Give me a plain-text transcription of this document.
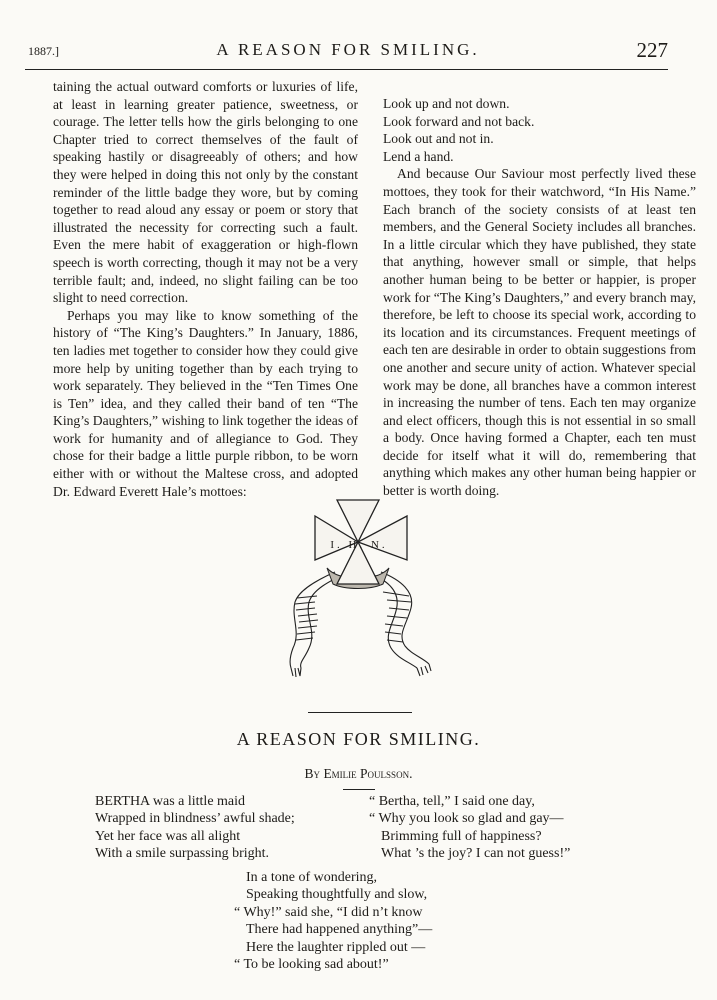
1887.]	A REASON FOR SMILING.	227

taining the actual outward comforts or luxuries of life, at least in learning greater patience, sweetness, or courage. The letter tells how the girls belonging to one Chapter tried to correct themselves of the fault of speaking hastily or disagreeably of others; and how they were helped in doing this not only by the constant reminder of the little badge they wore, but by coming together to read aloud any essay or poem or story that illustrated the necessity for correcting such a fault. Even the mere habit of exaggeration or high-flown speech is worth correcting, though it may not be a very terrible fault; and, indeed, no slight failing can be too slight to need correction.

Perhaps you may like to know something of the history of “The King’s Daughters.” In January, 1886, ten ladies met together to consider how they could give more help by uniting together than by each trying to work separately. They believed in the “Ten Times One is Ten” idea, and they called their band of ten “The King’s Daughters,” wishing to link together the ideas of work for humanity and of allegiance to God. They chose for their badge a little purple ribbon, to be worn either with or without the Maltese cross, and adopted Dr. Edward Everett Hale’s mottoes:

Look up and not down.
Look forward and not back.
Look out and not in.
Lend a hand.

And because Our Saviour most perfectly lived these mottoes, they took for their watchword, “In His Name.” Each branch of the society consists of at least ten members, and the General Society includes all branches. In a little circular which they have published, they state that anything, however small or simple, that helps another human being to be better or happier, is proper work for “The King’s Daughters,” and every branch may, therefore, be left to choose its special work, according to its location and its circumstances. Frequent meetings of each ten are desirable in order to obtain suggestions from one another and secure unity of action. Whatever special work may be done, all branches have a common interest in increasing the number of tens. Each ten may organize and elect officers, though this is not essential in so small a body. Once having formed a Chapter, each ten must decide for itself what it will do, remembering that anything which makes any other human being happier or better is worth doing.

I. H. N.
A REASON FOR SMILING.
By Emilie Poulsson.
BERTHA was a little maid
Wrapped in blindness’ awful shade;
Yet her face was all alight
With a smile surpassing bright.
“ Bertha, tell,” I said one day,
“ Why you look so glad and gay—
Brimming full of happiness?
What ’s the joy? I can not guess!”
In a tone of wondering,
Speaking thoughtfully and slow,
“ Why!” said she, “I did n’t know
There had happened anything”—
Here the laughter rippled out —
“ To be looking sad about!”
